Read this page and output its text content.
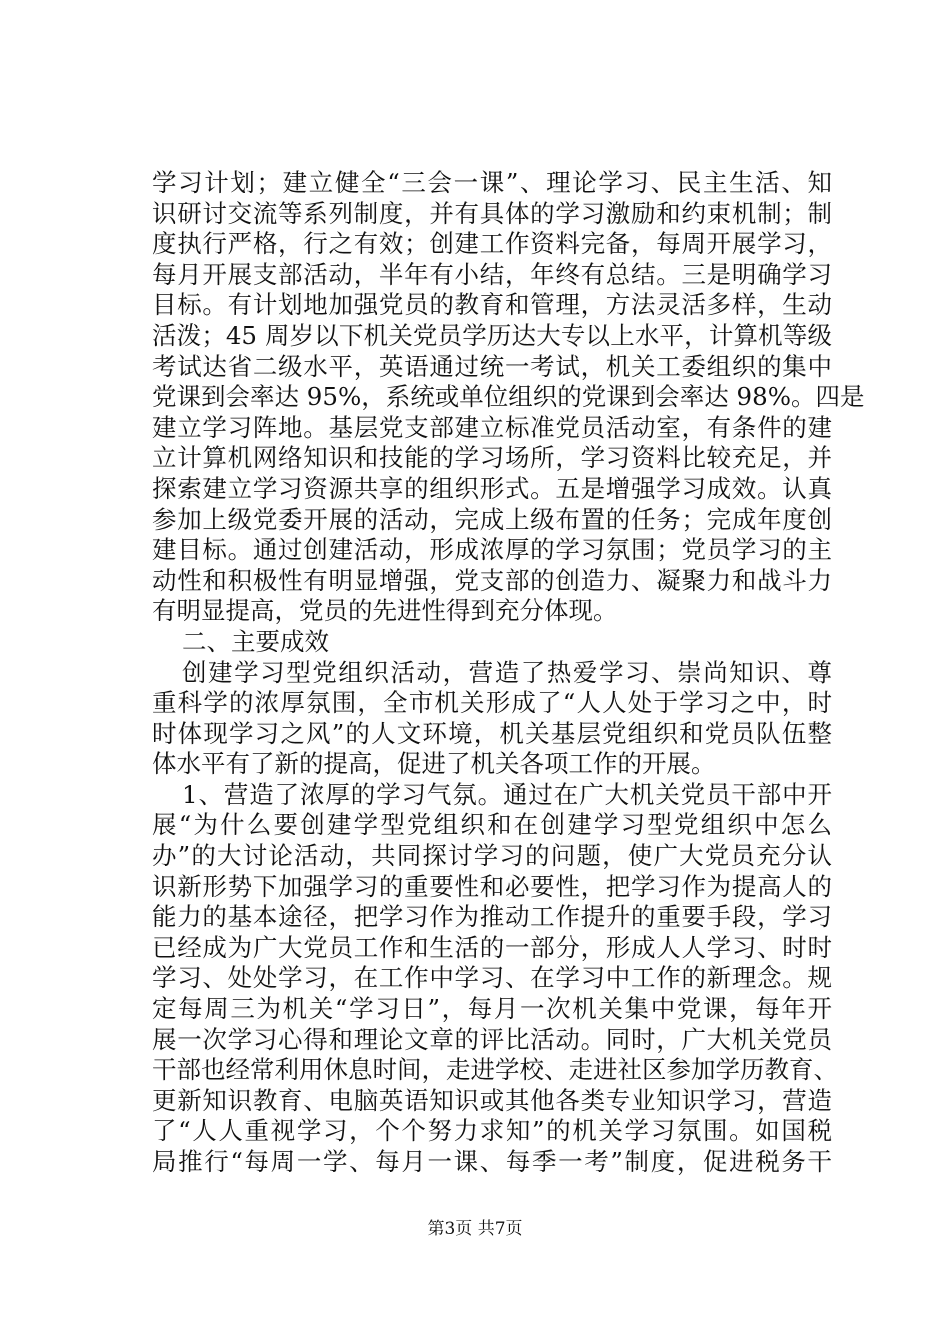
学习计划；建立健全“三会一课”、理论学习、民主生活、知
识研讨交流等系列制度，并有具体的学习激励和约束机制；制
度执行严格，行之有效；创建工作资料完备，每周开展学习，
每月开展支部活动，半年有小结，年终有总结。三是明确学习
目标。有计划地加强党员的教育和管理，方法灵活多样，生动
活泼；45 周岁以下机关党员学历达大专以上水平，计算机等级
考试达省二级水平，英语通过统一考试，机关工委组织的集中
党课到会率达 95%，系统或单位组织的党课到会率达 98%。四是
建立学习阵地。基层党支部建立标准党员活动室，有条件的建
立计算机网络知识和技能的学习场所，学习资料比较充足，并
探索建立学习资源共享的组织形式。五是增强学习成效。认真
参加上级党委开展的活动，完成上级布置的任务；完成年度创
建目标。通过创建活动，形成浓厚的学习氛围；党员学习的主
动性和积极性有明显增强，党支部的创造力、凝聚力和战斗力
有明显提高，党员的先进性得到充分体现。
二、主要成效
创建学习型党组织活动，营造了热爱学习、崇尚知识、尊
重科学的浓厚氛围，全市机关形成了“人人处于学习之中，时
时体现学习之风”的人文环境，机关基层党组织和党员队伍整
体水平有了新的提高，促进了机关各项工作的开展。
1、营造了浓厚的学习气氛。通过在广大机关党员干部中开
展“为什么要创建学型党组织和在创建学习型党组织中怎么
办”的大讨论活动，共同探讨学习的问题，使广大党员充分认
识新形势下加强学习的重要性和必要性，把学习作为提高人的
能力的基本途径，把学习作为推动工作提升的重要手段，学习
已经成为广大党员工作和生活的一部分，形成人人学习、时时
学习、处处学习，在工作中学习、在学习中工作的新理念。规
定每周三为机关“学习日”，每月一次机关集中党课，每年开
展一次学习心得和理论文章的评比活动。同时，广大机关党员
干部也经常利用休息时间，走进学校、走进社区参加学历教育、
更新知识教育、电脑英语知识或其他各类专业知识学习，营造
了“人人重视学习，个个努力求知”的机关学习氛围。如国税
局推行“每周一学、每月一课、每季一考”制度，促进税务干
第3页 共7页
